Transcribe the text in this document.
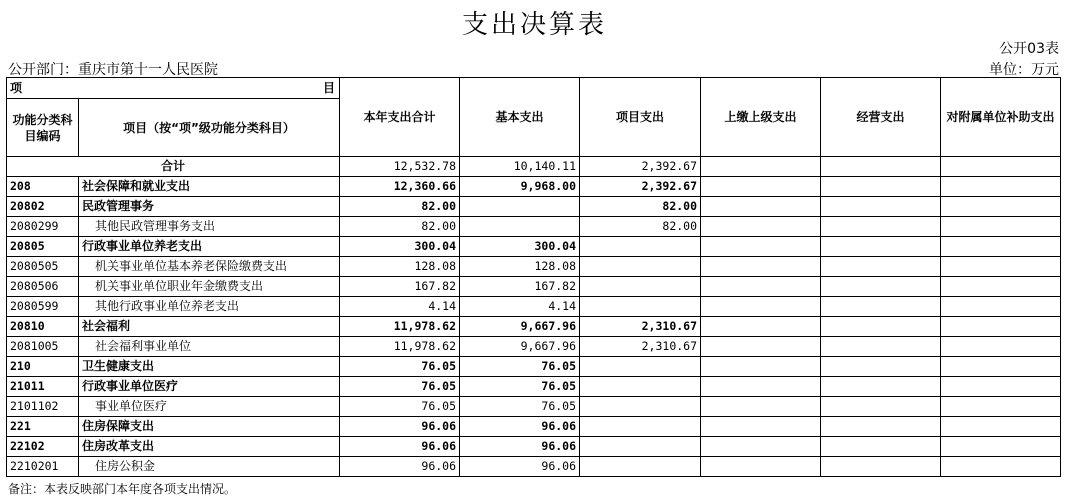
支出决算表
公开03表
公开部门：重庆市第十一人民医院	单位：万元
项 目		本年支出合计	基本支出	项目支出	上缴上级支出	经营支出	对附属单位补助支出
功能分类科目编码	项目（按“项”级功能分类科目）						
合计		12,532.78	10,140.11	2,392.67			
208	社会保障和就业支出	12,360.66	9,968.00	2,392.67			
20802	民政管理事务	82.00		82.00			
2080299	其他民政管理事务支出	82.00		82.00			
20805	行政事业单位养老支出	300.04	300.04				
2080505	机关事业单位基本养老保险缴费支出	128.08	128.08				
2080506	机关事业单位职业年金缴费支出	167.82	167.82				
2080599	其他行政事业单位养老支出	4.14	4.14				
20810	社会福利	11,978.62	9,667.96	2,310.67			
2081005	社会福利事业单位	11,978.62	9,667.96	2,310.67			
210	卫生健康支出	76.05	76.05				
21011	行政事业单位医疗	76.05	76.05				
2101102	事业单位医疗	76.05	76.05				
221	住房保障支出	96.06	96.06				
22102	住房改革支出	96.06	96.06				
2210201	住房公积金	96.06	96.06				
备注：本表反映部门本年度各项支出情况。
